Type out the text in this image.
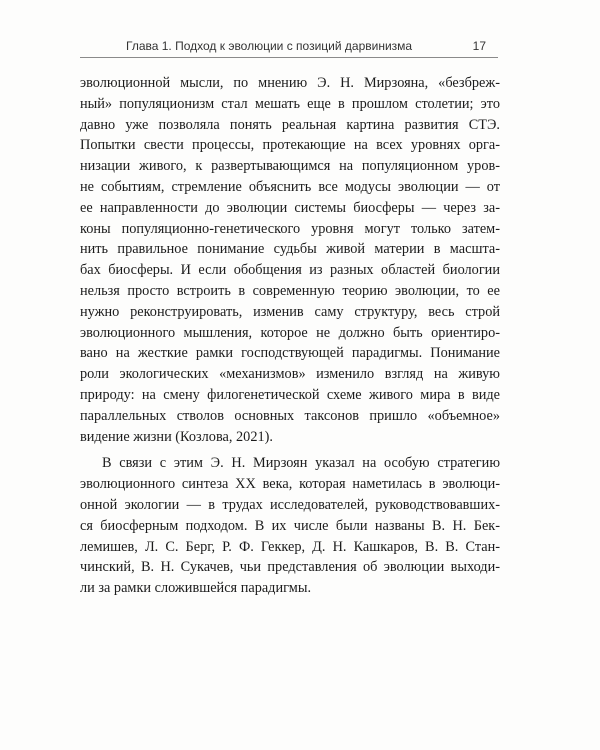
Глава 1. Подход к эволюции с позиций дарвинизма	17
эволюционной мысли, по мнению Э. Н. Мирзояна, «безбреж-
ный» популяционизм стал мешать еще в прошлом столетии; это
давно уже позволяла понять реальная картина развития СТЭ.
Попытки свести процессы, протекающие на всех уровнях орга-
низации живого, к развертывающимся на популяционном уров-
не событиям, стремление объяснить все модусы эволюции — от
ее направленности до эволюции системы биосферы — через за-
коны популяционно-генетического уровня могут только затем-
нить правильное понимание судьбы живой материи в масшта-
бах биосферы. И если обобщения из разных областей биологии
нельзя просто встроить в современную теорию эволюции, то ее
нужно реконструировать, изменив саму структуру, весь строй
эволюционного мышления, которое не должно быть ориентиро-
вано на жесткие рамки господствующей парадигмы. Понимание
роли экологических «механизмов» изменило взгляд на живую
природу: на смену филогенетической схеме живого мира в виде
параллельных стволов основных таксонов пришло «объемное»
видение жизни (Козлова, 2021).
В связи с этим Э. Н. Мирзоян указал на особую стратегию
эволюционного синтеза XX века, которая наметилась в эволюци-
онной экологии — в трудах исследователей, руководствовавших-
ся биосферным подходом. В их числе были названы В. Н. Бек-
лемишев, Л. С. Берг, Р. Ф. Геккер, Д. Н. Кашкаров, В. В. Стан-
чинский, В. Н. Сукачев, чьи представления об эволюции выходи-
ли за рамки сложившейся парадигмы.
